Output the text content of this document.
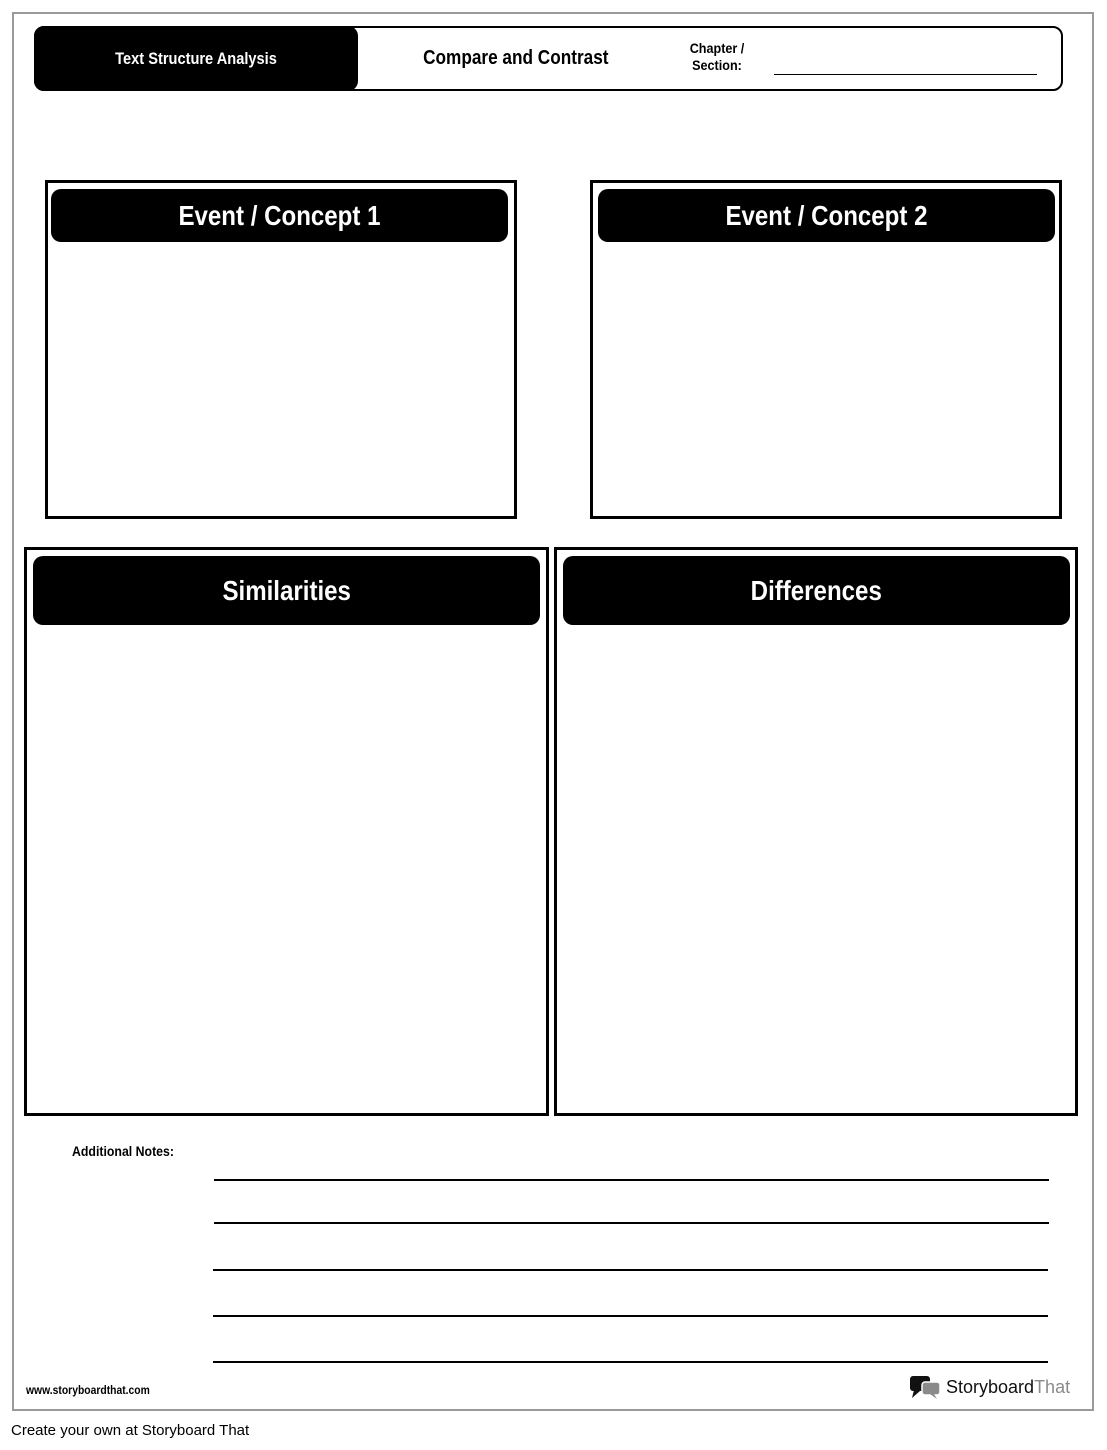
Text Structure Analysis	Compare and Contrast	Chapter /
Section:
Event / Concept 1	Event / Concept 2
Similarities	Differences
Additional Notes:
www.storyboardthat.com	StoryboardThat
Create your own at Storyboard That
